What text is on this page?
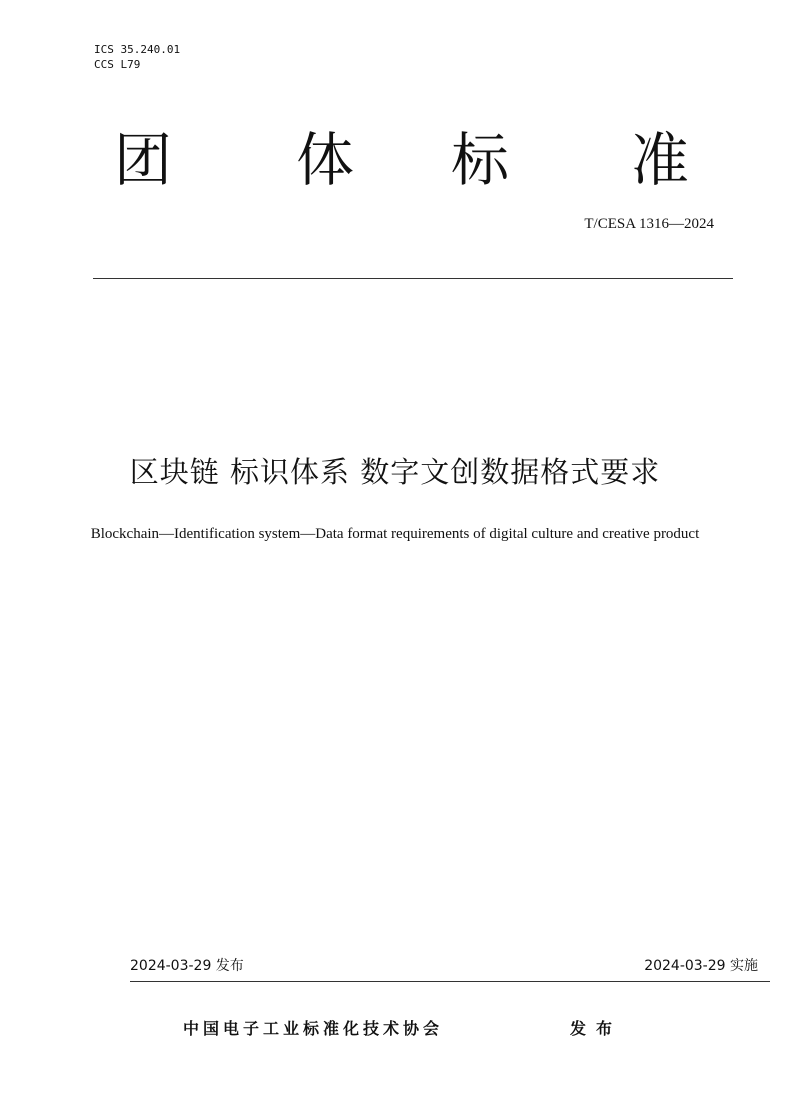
ICS 35.240.01
CCS L79
团 体 标 准
T/CESA 1316—2024
区块链 标识体系 数字文创数据格式要求
Blockchain—Identification system—Data format requirements of digital culture and creative product
2024-03-29 发布	2024-03-29 实施
中国电子工业标准化技术协会	发布
